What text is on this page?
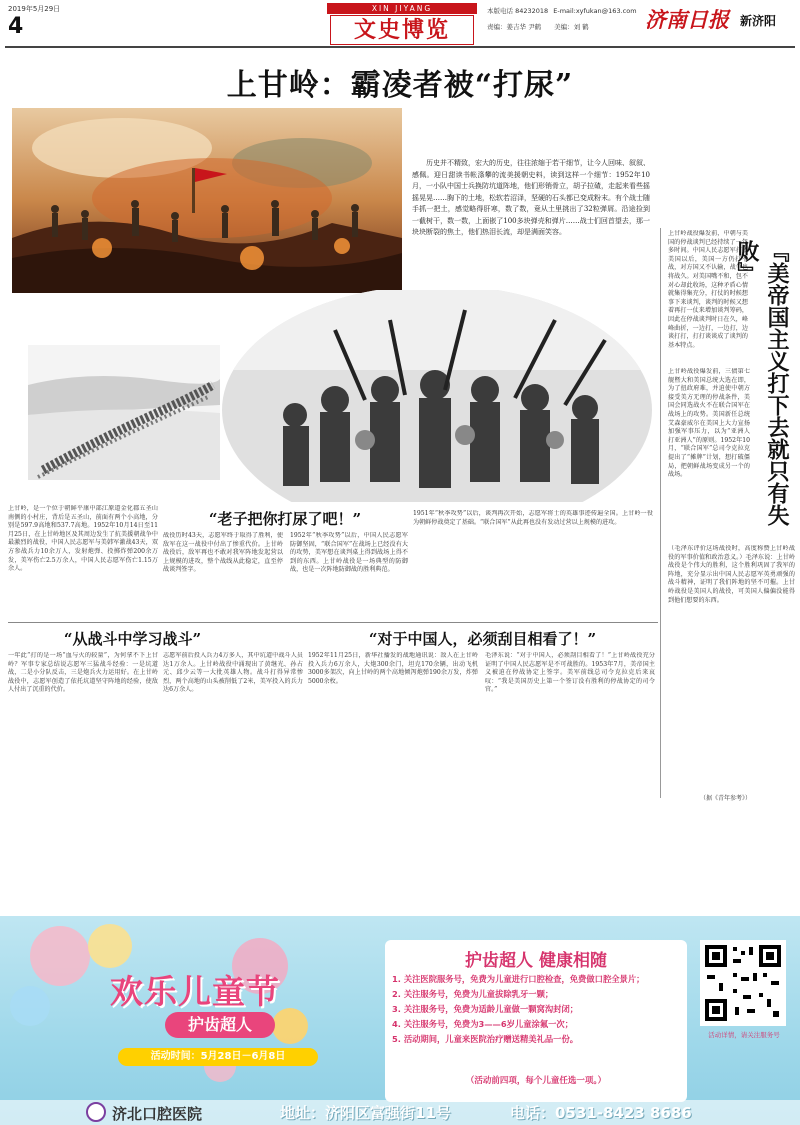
2019年5月29日
4
XIN JIYANG
文史博览
本版电话 84232018 E-mail:xyfukan@163.com
责编：姜吉华 尹鹤　　美编：刘 鹤	济南日报 新济阳
上甘岭：霸凌者被“打尿”
历史并不精致，宏大的历史，往往浓缩于若干细节，让今人回味、叙叙、感佩。迎日甜读书帐涤攀的流美援朝史料，读到这样一个细节：1952年10月，一小队中国士兵换防坑道阵地，他们形销骨立，胡子拉碴，走起来看些摇摇晃晃……胸下的土地，松软若沼泽，坚硬的石头都已变成粉末。有个战士随手抓一把土，感觉略得肝寒，数了数，竟从土里挑出了32粒弹屑。沿途捡到一截树干，数一数，上面嵌了100多块弹壳和弹片……战士们回首望去，那一块块断裂的焦土，他们热泪长流，却是满面笑容。	上甘岭战役爆发前，中朝与美国的停战谈判已经持续了一年多时间。中国人民志愿军打败美国以后，美国一方仍打不战，对方国又不认输，战争也将战久。对美国嘴不和，包不对心却此收场，这种矛盾心情就集得集充分，打仗的时候想事下来谈判，谈判的时候又想着再打一仗来增加谈判筹码，因此在停战谈判时日在久，峰峰曲折，一边打，一边打，边谈打打，打打谈谈成了谈判的基本特点。	『美帝国主义打下去就只有失败』
上甘岭战役爆发前，三债第七舰暨大和美国总统大选在即，为了扭政府难，并迫使中朝方接受美方无理的停战条件，美国会同选战火不在联合国军在战场上的攻势。美国新任总统艾森豪威尔在美国上大力宣扬加强军事压力，以为“亚洲人打亚洲人”的原则。1952年10月，“联合国军”总司令克拉克提出了“摊牌”计划，想打破僵局，把朝鲜战场变成另一个的战场。
（毛泽东评价这场战役时，高度称赞上甘岭战役的军事价值和政治意义。）毛泽东说：上甘岭战役是个伟大的胜利，这个胜利巩固了我军的阵地，充分显示出中国人民志愿军英勇顽强的战斗精神，证明了我们阵地的坚不可摧。上甘岭战役是美国人的战役，可美国人偏偏没能得到他们想要的东西。
上甘岭，是一个位于朝鲜平康中部江原道金化郡五圣山南侧的小村庄，背后是五圣山，前面有两个小高地，分别是597.9高地和537.7高地。1952年10月14日至11月25日，在上甘岭地区及其周边发生了抗美援朝战争中最激烈的战役，中国人民志愿军与美韩军激战43天，双方参战兵力10余万人，发射炮弹、投掷炸弹200余万发，美军伤亡2.5万余人，中国人民志愿军伤亡1.15万余人。
“老子把你打尿了吧！”
战役历时43天，志愿军终于取得了胜利，使敌军在这一战役中付出了惨重代价。上甘岭战役后，敌军再也不敢对我军阵地发起营以上规模的进攻，整个战线从此稳定，直至停战谈判签字。
1952年“秋季攻势”以后，中国人民志愿军防御坚固，“联合国军”在战场上已经没有大的攻势，美军想在谈判桌上得到战场上得不到的东西。上甘岭战役是一场典型的防御战，也是一次阵地防御战的胜利典范。
1951年“秋季攻势”以后，谈判再次开始，志愿军将士的英雄事迹传遍全国。上甘岭一役为朝鲜停战奠定了基础。“联合国军”从此再也没有发动过营以上规模的进攻。
“从战斗中学习战斗”
一年此“打的是一场“血与火的较量”，为何拿不下上甘岭？军事专家总结说志愿军三猛战斗经验：一是坑道战，二是小分队反击，三是炮兵火力运用好。在上甘岭战役中，志愿军创造了依托坑道坚守阵地的经验，使敌人付出了沉重的代价。
志愿军前后投入兵力4万多人，其中坑道中战斗人员达1万余人。上甘岭战役中涌现出了黄继光、孙占元、邱少云等一大批英雄人物。战斗打得异常惨烈，两个高地的山头被削低了2米，美军投入的兵力达6万余人。
“对于中国人，必须刮目相看了！”
1952年11月25日，新华社播发的战地通讯说：敌人在上甘岭投入兵力6万余人，大炮300余门，坦克170余辆，出动飞机3000多架次，向上甘岭的两个高地倾泻炮弹190余万发，炸弹5000余枚。
毛泽东说：“对于中国人，必须刮目相看了！”上甘岭战役充分证明了中国人民志愿军是不可战胜的。1953年7月，美帝国主义被迫在停战协定上签字。美军前线总司令克拉克后来哀叹：“我是美国历史上第一个签订没有胜利的停战协定的司令官。”
（据《青年参考》）
欢乐儿童节
护齿超人
活动时间：5月28日－6月8日
护齿超人 健康相随
1. 关注医院服务号，免费为儿童进行口腔检查，免费做口腔全景片；
2. 关注服务号，免费为儿童拔除乳牙一颗；
3. 关注服务号，免费为适龄儿童做一颗窝沟封闭；
4. 关注服务号，免费为3——6岁儿童涂氟一次；
5. 活动期间，儿童来医院治疗赠送精美礼品一份。
（活动前四项，每个儿童任选一项。）
活动详情，请关注服务号
济北口腔医院	地址：济阳区富强街11号	电话：0531-8423 8686
